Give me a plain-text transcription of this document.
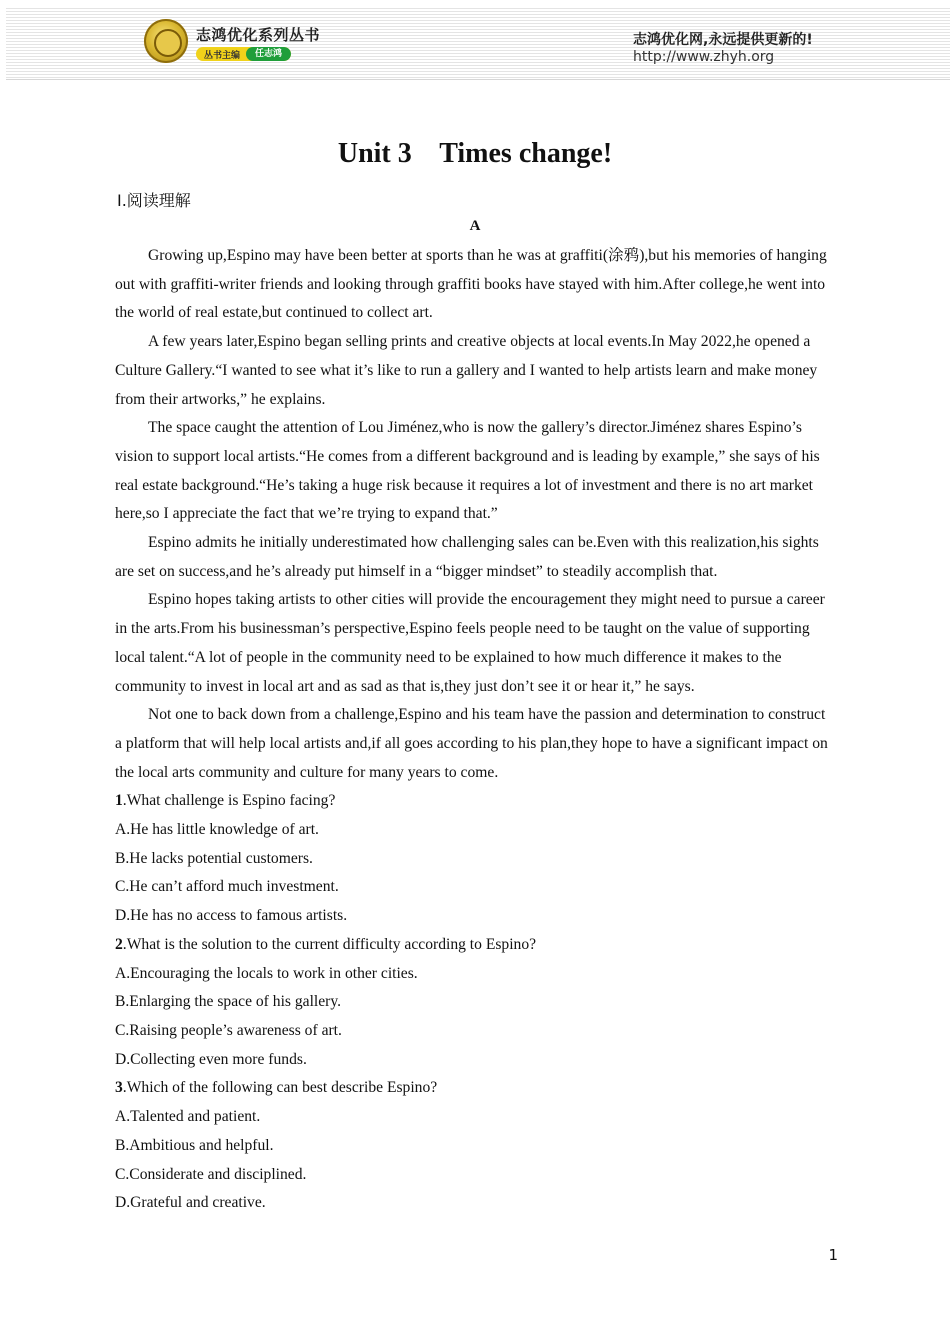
志鸿优化系列丛书
丛书主编	任志鸿
志鸿优化网,永远提供更新的!
http://www.zhyh.org
Unit 3    Times change!
Ⅰ.阅读理解
A

Growing up,Espino may have been better at sports than he was at graffiti(涂鸦),but his memories of hanging out with graffiti-writer friends and looking through graffiti books have stayed with him.After college,he went into the world of real estate,but continued to collect art.

A few years later,Espino began selling prints and creative objects at local events.In May 2022,he opened a Culture Gallery.“I wanted to see what it’s like to run a gallery and I wanted to help artists learn and make money from their artworks,” he explains.

The space caught the attention of Lou Jiménez,who is now the gallery’s director.Jiménez shares Espino’s vision to support local artists.“He comes from a different background and is leading by example,” she says of his real estate background.“He’s taking a huge risk because it requires a lot of investment and there is no art market here,so I appreciate the fact that we’re trying to expand that.”

Espino admits he initially underestimated how challenging sales can be.Even with this realization,his sights are set on success,and he’s already put himself in a “bigger mindset” to steadily accomplish that.

Espino hopes taking artists to other cities will provide the encouragement they might need to pursue a career in the arts.From his businessman’s perspective,Espino feels people need to be taught on the value of supporting local talent.“A lot of people in the community need to be explained to how much difference it makes to the community to invest in local art and as sad as that is,they just don’t see it or hear it,” he says.

Not one to back down from a challenge,Espino and his team have the passion and determination to construct a platform that will help local artists and,if all goes according to his plan,they hope to have a significant impact on the local arts community and culture for many years to come.

1.What challenge is Espino facing?
A.He has little knowledge of art.
B.He lacks potential customers.
C.He can’t afford much investment.
D.He has no access to famous artists.
2.What is the solution to the current difficulty according to Espino?
A.Encouraging the locals to work in other cities.
B.Enlarging the space of his gallery.
C.Raising people’s awareness of art.
D.Collecting even more funds.
3.Which of the following can best describe Espino?
A.Talented and patient.
B.Ambitious and helpful.
C.Considerate and disciplined.
D.Grateful and creative.
1
